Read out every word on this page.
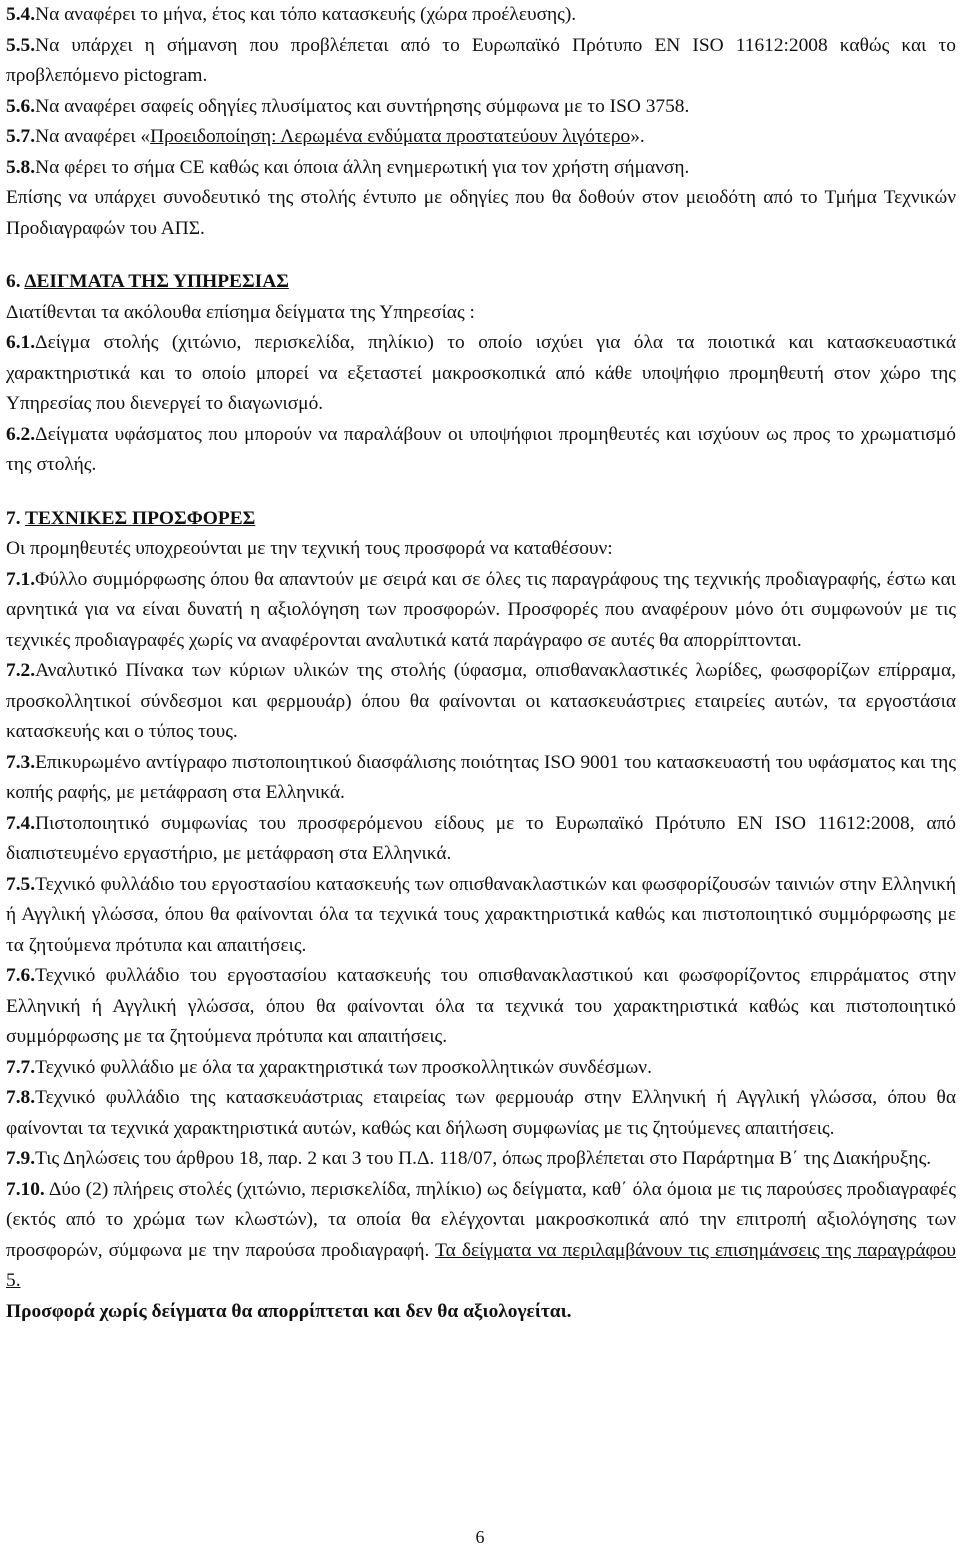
5.4.Να αναφέρει το μήνα, έτος και τόπο κατασκευής (χώρα προέλευσης).

5.5.Να υπάρχει η σήμανση που προβλέπεται από το Ευρωπαϊκό Πρότυπο ΕΝ ISO 11612:2008 καθώς και το προβλεπόμενο pictogram.

5.6.Να αναφέρει σαφείς οδηγίες πλυσίματος και συντήρησης σύμφωνα με το ISO 3758.

5.7.Να αναφέρει «Προειδοποίηση: Λερωμένα ενδύματα προστατεύουν λιγότερο».

5.8.Να φέρει το σήμα CE καθώς και όποια άλλη ενημερωτική για τον χρήστη σήμανση.

Επίσης να υπάρχει συνοδευτικό της στολής έντυπο με οδηγίες που θα δοθούν στον μειοδότη από το Τμήμα Τεχνικών Προδιαγραφών του ΑΠΣ.

6. ΔΕΙΓΜΑΤΑ ΤΗΣ ΥΠΗΡΕΣΙΑΣ

Διατίθενται τα ακόλουθα επίσημα δείγματα της Υπηρεσίας :

6.1.Δείγμα στολής (χιτώνιο, περισκελίδα, πηλίκιο) το οποίο ισχύει για όλα τα ποιοτικά και κατασκευαστικά χαρακτηριστικά και το οποίο μπορεί να εξεταστεί μακροσκοπικά από κάθε υποψήφιο προμηθευτή στον χώρο της Υπηρεσίας που διενεργεί το διαγωνισμό.

6.2.Δείγματα υφάσματος που μπορούν να παραλάβουν οι υποψήφιοι προμηθευτές και ισχύουν ως προς το χρωματισμό της στολής.

7. ΤΕΧΝΙΚΕΣ ΠΡΟΣΦΟΡΕΣ

Οι προμηθευτές υποχρεούνται με την τεχνική τους προσφορά να καταθέσουν:

7.1.Φύλλο συμμόρφωσης όπου θα απαντούν με σειρά και σε όλες τις παραγράφους της τεχνικής προδιαγραφής, έστω και αρνητικά για να είναι δυνατή η αξιολόγηση των προσφορών. Προσφορές που αναφέρουν μόνο ότι συμφωνούν με τις τεχνικές προδιαγραφές χωρίς να αναφέρονται αναλυτικά κατά παράγραφο σε αυτές θα απορρίπτονται.

7.2.Αναλυτικό Πίνακα των κύριων υλικών της στολής (ύφασμα, οπισθανακλαστικές λωρίδες, φωσφορίζων επίρραμα, προσκολλητικοί σύνδεσμοι και φερμουάρ) όπου θα φαίνονται οι κατασκευάστριες εταιρείες αυτών, τα εργοστάσια κατασκευής και ο τύπος τους.

7.3.Επικυρωμένο αντίγραφο πιστοποιητικού διασφάλισης ποιότητας ISO 9001 του κατασκευαστή του υφάσματος και της κοπής ραφής, με μετάφραση στα Ελληνικά.

7.4.Πιστοποιητικό συμφωνίας του προσφερόμενου είδους με το Ευρωπαϊκό Πρότυπο ΕΝ ISO 11612:2008, από διαπιστευμένο εργαστήριο, με μετάφραση στα Ελληνικά.

7.5.Τεχνικό φυλλάδιο του εργοστασίου κατασκευής των οπισθανακλαστικών και φωσφορίζουσών ταινιών στην Ελληνική ή Αγγλική γλώσσα, όπου θα φαίνονται όλα τα τεχνικά τους χαρακτηριστικά καθώς και πιστοποιητικό συμμόρφωσης με τα ζητούμενα πρότυπα και απαιτήσεις.

7.6.Τεχνικό φυλλάδιο του εργοστασίου κατασκευής του οπισθανακλαστικού και φωσφορίζοντος επιρράματος στην Ελληνική ή Αγγλική γλώσσα, όπου θα φαίνονται όλα τα τεχνικά του χαρακτηριστικά καθώς και πιστοποιητικό συμμόρφωσης με τα ζητούμενα πρότυπα και απαιτήσεις.

7.7.Τεχνικό φυλλάδιο με όλα τα χαρακτηριστικά των προσκολλητικών συνδέσμων.

7.8.Τεχνικό φυλλάδιο της κατασκευάστριας εταιρείας των φερμουάρ στην Ελληνική ή Αγγλική γλώσσα, όπου θα φαίνονται τα τεχνικά χαρακτηριστικά αυτών, καθώς και δήλωση συμφωνίας με τις ζητούμενες απαιτήσεις.

7.9.Τις Δηλώσεις του άρθρου 18, παρ. 2 και 3 του Π.Δ. 118/07, όπως προβλέπεται στο Παράρτημα Β΄ της Διακήρυξης.

7.10. Δύο (2) πλήρεις στολές (χιτώνιο, περισκελίδα, πηλίκιο) ως δείγματα, καθ΄ όλα όμοια με τις παρούσες προδιαγραφές (εκτός από το χρώμα των κλωστών), τα οποία θα ελέγχονται μακροσκοπικά από την επιτροπή αξιολόγησης των προσφορών, σύμφωνα με την παρούσα προδιαγραφή. Τα δείγματα να περιλαμβάνουν τις επισημάνσεις της παραγράφου 5.

Προσφορά χωρίς δείγματα θα απορρίπτεται και δεν θα αξιολογείται.

6
